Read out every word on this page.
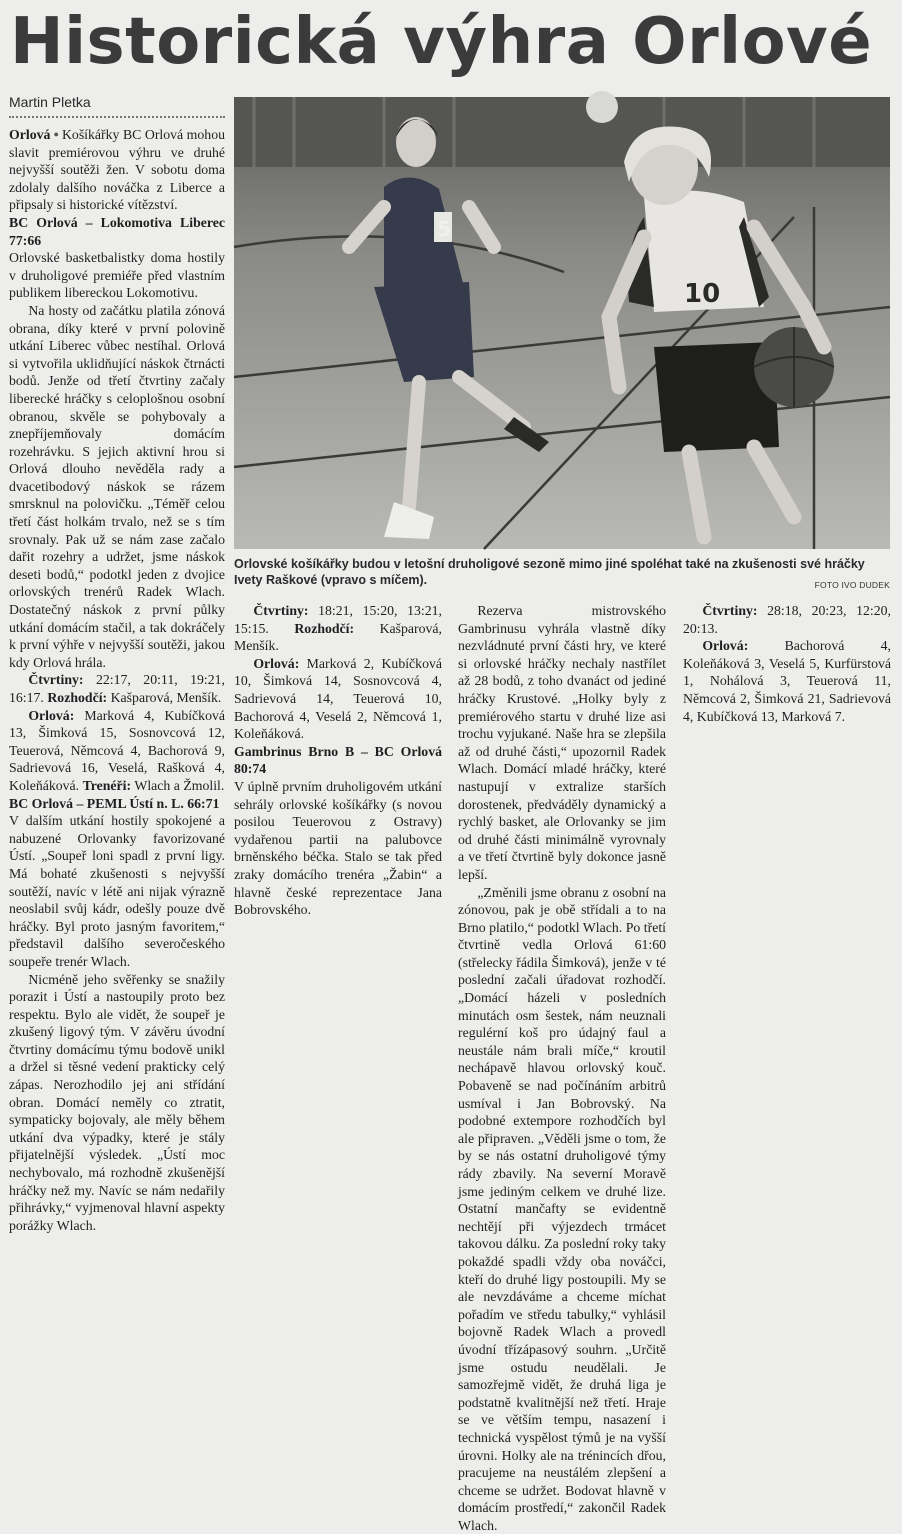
Historická výhra Orlové
Martin Pletka
5
10
Orlovské košíkářky budou v letošní druholigové sezoně mimo jiné spoléhat také na zkušenosti své hráčky Ivety Raškové (vpravo s míčem).	FOTO IVO DUDEK

Orlová ● Košíkářky BC Orlová mohou slavit premiérovou výhru ve druhé nejvyšší soutěži žen. V sobotu doma zdolaly dalšího nováčka z Liberce a připsaly si historické vítězství.

BC Orlová – Lokomotiva Liberec 77:66

Orlovské basketbalistky doma hostily v druholigové premiéře před vlastním publikem libereckou Lokomotivu.

Na hosty od začátku platila zónová obrana, díky které v první polovině utkání Liberec vůbec nestíhal. Orlová si vytvořila uklidňující náskok čtrnácti bodů. Jenže od třetí čtvrtiny začaly liberecké hráčky s celoplošnou osobní obranou, skvěle se pohybovaly a znepříjemňovaly domácím rozehrávku. S jejich aktivní hrou si Orlová dlouho nevěděla rady a dvacetibodový náskok se rázem smrsknul na polovičku. „Téměř celou třetí část holkám trvalo, než se s tím srovnaly. Pak už se nám zase začalo dařit rozehry a udržet, jsme náskok deseti bodů,“ podotkl jeden z dvojice orlovských trenérů Radek Wlach. Dostatečný náskok z první půlky utkání domácím stačil, a tak dokráčely k první výhře v nejvyšší soutěži, jakou kdy Orlová hrála.

Čtvrtiny: 22:17, 20:11, 19:21, 16:17. Rozhodčí: Kašparová, Menšík.

Orlová: Marková 4, Kubíčková 13, Šimková 15, Sosnovcová 12, Teuerová, Němcová 4, Bachorová 9, Sadrievová 16, Veselá, Rašková 4, Koleňáková. Trenéři: Wlach a Žmolil.

BC Orlová – PEML Ústí n. L. 66:71

V dalším utkání hostily spokojené a nabuzené Orlovanky favorizované Ústí. „Soupeř loni spadl z první ligy. Má bohaté zkušenosti s nejvyšší soutěží, navíc v létě ani nijak výrazně neoslabil svůj kádr, odešly pouze dvě hráčky. Byl proto jasným favoritem,“ představil dalšího severočeského soupeře trenér Wlach.

Nicméně jeho svěřenky se snažily porazit i Ústí a nastoupily proto bez respektu. Bylo ale vidět, že soupeř je zkušený ligový tým. V závěru úvodní čtvrtiny domácímu týmu bodově unikl a držel si těsné vedení prakticky celý zápas. Nerozhodilo jej ani střídání obran. Domácí neměly co ztratit, sympaticky bojovaly, ale měly během utkání dva výpadky, které je stály přijatelnější výsledek. „Ústí moc nechybovalo, má rozhodně zkušenější hráčky než my. Navíc se nám nedařily přihrávky,“ vyjmenoval hlavní aspekty porážky Wlach.

Čtvrtiny: 18:21, 15:20, 13:21, 15:15. Rozhodčí: Kašparová, Menšík.

Orlová: Marková 2, Kubíčková 10, Šimková 14, Sosnovcová 4, Sadrievová 14, Teuerová 10, Bachorová 4, Veselá 2, Němcová 1, Koleňáková.

Gambrinus Brno B – BC Orlová 80:74

V úplně prvním druholigovém utkání sehrály orlovské košíkářky (s novou posilou Teuerovou z Ostravy) vydařenou partii na palubovce brněnského béčka. Stalo se tak před zraky domácího trenéra „Žabin“ a hlavně české reprezentace Jana Bobrovského.

Rezerva mistrovského Gambrinusu vyhrála vlastně díky nezvládnuté první části hry, ve které si orlovské hráčky nechaly nastřílet až 28 bodů, z toho dvanáct od jediné hráčky Krustové. „Holky byly z premiérového startu v druhé lize asi trochu vyjukané. Naše hra se zlepšila až od druhé části,“ upozornil Radek Wlach. Domácí mladé hráčky, které nastupují v extralize starších dorostenek, předváděly dynamický a rychlý basket, ale Orlovanky se jim od druhé části minimálně vyrovnaly a ve třetí čtvrtině byly dokonce jasně lepší.

„Změnili jsme obranu z osobní na zónovou, pak je obě střídali a to na Brno platilo,“ podotkl Wlach. Po třetí čtvrtině vedla Orlová 61:60 (střelecky řádila Šimková), jenže v té poslední začali úřadovat rozhodčí. „Domácí házeli v posledních minutách osm šestek, nám neuznali regulérní koš pro údajný faul a neustále nám brali míče,“ kroutil nechápavě hlavou orlovský kouč. Pobaveně se nad počínáním arbitrů usmíval i Jan Bobrovský. Na podobné extempore rozhodčích byl ale připraven. „Věděli jsme o tom, že by se nás ostatní druholigové týmy rády zbavily. Na severní Moravě jsme jediným celkem ve druhé lize. Ostatní mančafty se evidentně nechtějí při výjezdech trmácet takovou dálku. Za poslední roky taky pokaždé spadli vždy oba nováčci, kteří do druhé ligy postoupili. My se ale nevzdáváme a chceme míchat pořadím ve středu tabulky,“ vyhlásil bojovně Radek Wlach a provedl úvodní třízápasový souhrn. „Určitě jsme ostudu neudělali. Je samozřejmě vidět, že druhá liga je podstatně kvalitnější než třetí. Hraje se ve větším tempu, nasazení i technická vyspělost týmů je na vyšší úrovni. Holky ale na trénincích dřou, pracujeme na neustálém zlepšení a chceme se udržet. Bodovat hlavně v domácím prostředí,“ zakončil Radek Wlach.

Čtvrtiny: 28:18, 20:23, 12:20, 20:13.

Orlová:	Bachorová 4, Koleňáková 3, Veselá 5, Kurfürstová 1, Nohálová 3, Teuerová 11, Němcová 2, Šimková 21, Sadrievová 4, Kubíčková 13, Marková 7.
